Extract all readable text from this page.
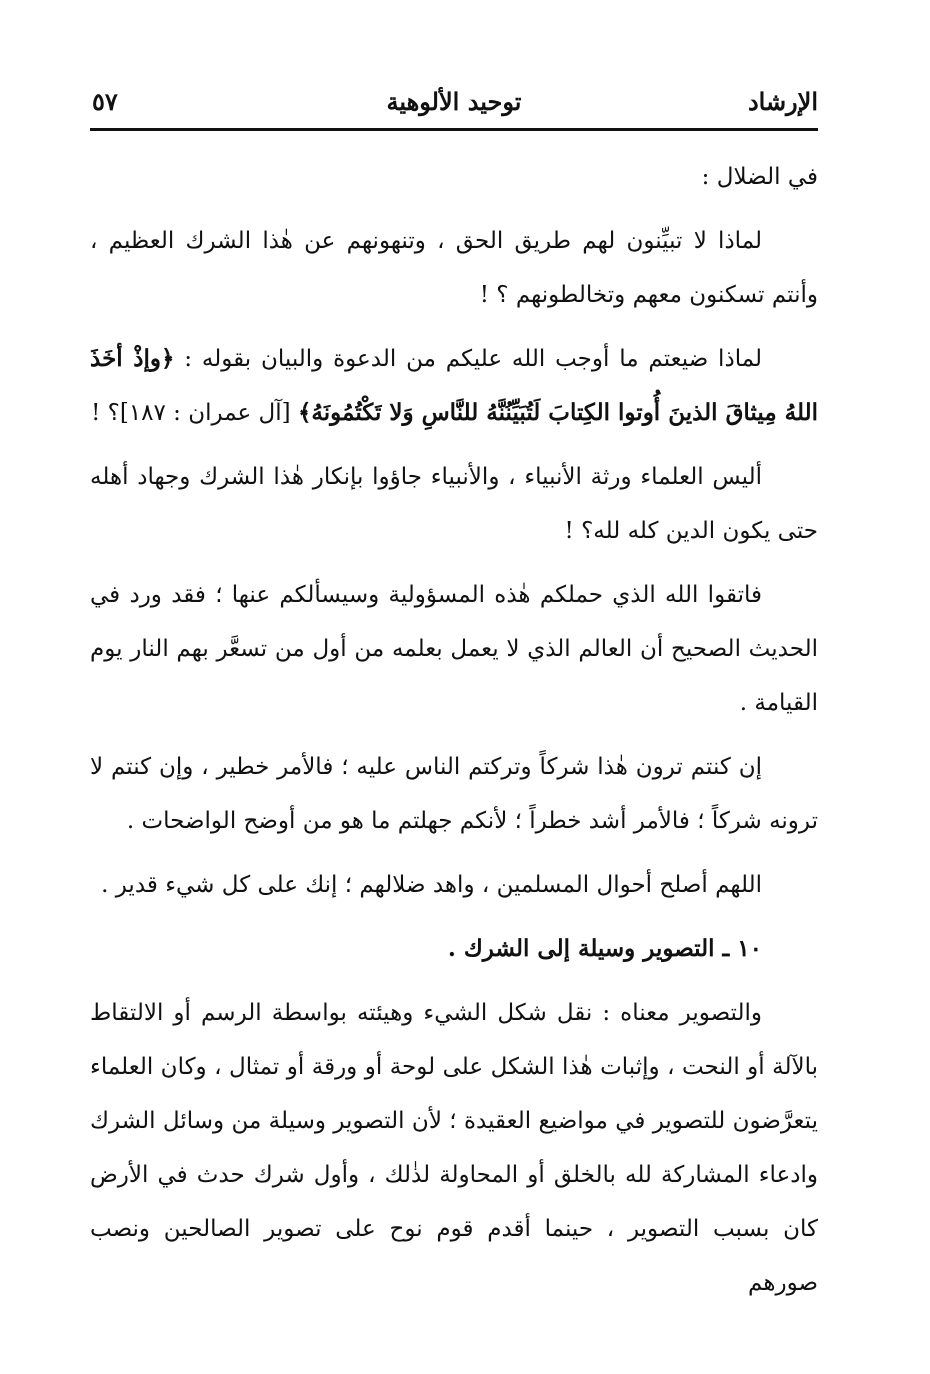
الإرشاد
توحيد الألوهية
٥٧

في الضلال :

لماذا لا تبيِّنون لهم طريق الحق ، وتنهونهم عن هٰذا الشرك العظيم ، وأنتم تسكنون معهم وتخالطونهم ؟ !

لماذا ضيعتم ما أوجب الله عليكم من الدعوة والبيان بقوله : ﴿وإذْ أخَذَ اللهُ مِيثاقَ الذينَ أُوتوا الكِتابَ لَتُبَيِّنُنَّهُ للنَّاسِ وَلا تَكْتُمُونَهُ﴾ [آل عمران : ١٨٧]؟ !

أليس العلماء ورثة الأنبياء ، والأنبياء جاؤوا بإنكار هٰذا الشرك وجهاد أهله حتى يكون الدين كله لله؟ !

فاتقوا الله الذي حملكم هٰذه المسؤولية وسيسألكم عنها ؛ فقد ورد في الحديث الصحيح أن العالم الذي لا يعمل بعلمه من أول من تسعَّر بهم النار يوم القيامة .

إن كنتم ترون هٰذا شركاً وتركتم الناس عليه ؛ فالأمر خطير ، وإن كنتم لا ترونه شركاً ؛ فالأمر أشد خطراً ؛ لأنكم جهلتم ما هو من أوضح الواضحات .

اللهم أصلح أحوال المسلمين ، واهد ضلالهم ؛ إنك على كل شيء قدير .

١٠ ـ التصوير وسيلة إلى الشرك .

والتصوير معناه : نقل شكل الشيء وهيئته بواسطة الرسم أو الالتقاط بالآلة أو النحت ، وإثبات هٰذا الشكل على لوحة أو ورقة أو تمثال ، وكان العلماء يتعرَّضون للتصوير في مواضيع العقيدة ؛ لأن التصوير وسيلة من وسائل الشرك وادعاء المشاركة لله بالخلق أو المحاولة لذٰلك ، وأول شرك حدث في الأرض كان بسبب التصوير ، حينما أقدم قوم نوح على تصوير الصالحين ونصب صورهم
